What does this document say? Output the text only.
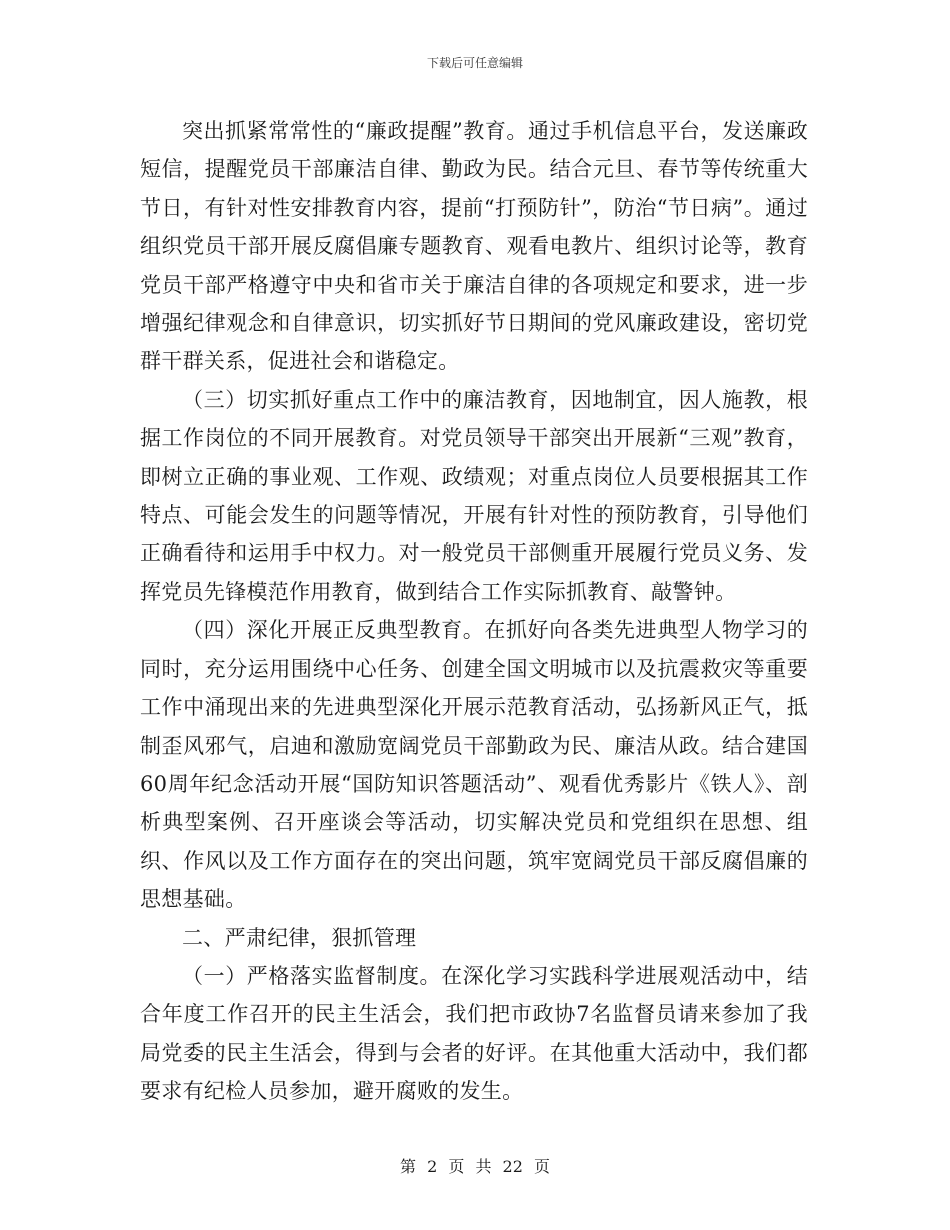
下载后可任意编辑

突出抓紧常常性的“廉政提醒”教育。通过手机信息平台，发送廉政短信，提醒党员干部廉洁自律、勤政为民。结合元旦、春节等传统重大节日，有针对性安排教育内容，提前“打预防针”，防治“节日病”。通过组织党员干部开展反腐倡廉专题教育、观看电教片、组织讨论等，教育党员干部严格遵守中央和省市关于廉洁自律的各项规定和要求，进一步增强纪律观念和自律意识，切实抓好节日期间的党风廉政建设，密切党群干群关系，促进社会和谐稳定。

（三）切实抓好重点工作中的廉洁教育，因地制宜，因人施教，根据工作岗位的不同开展教育。对党员领导干部突出开展新“三观”教育，即树立正确的事业观、工作观、政绩观；对重点岗位人员要根据其工作特点、可能会发生的问题等情况，开展有针对性的预防教育，引导他们正确看待和运用手中权力。对一般党员干部侧重开展履行党员义务、发挥党员先锋模范作用教育，做到结合工作实际抓教育、敲警钟。

（四）深化开展正反典型教育。在抓好向各类先进典型人物学习的同时，充分运用围绕中心任务、创建全国文明城市以及抗震救灾等重要工作中涌现出来的先进典型深化开展示范教育活动，弘扬新风正气，抵制歪风邪气，启迪和激励宽阔党员干部勤政为民、廉洁从政。结合建国60周年纪念活动开展“国防知识答题活动”、观看优秀影片《铁人》、剖析典型案例、召开座谈会等活动，切实解决党员和党组织在思想、组织、作风以及工作方面存在的突出问题，筑牢宽阔党员干部反腐倡廉的思想基础。

二、严肃纪律，狠抓管理

（一）严格落实监督制度。在深化学习实践科学进展观活动中，结合年度工作召开的民主生活会，我们把市政协7名监督员请来参加了我局党委的民主生活会，得到与会者的好评。在其他重大活动中，我们都要求有纪检人员参加，避开腐败的发生。

第 2 页 共 22 页
